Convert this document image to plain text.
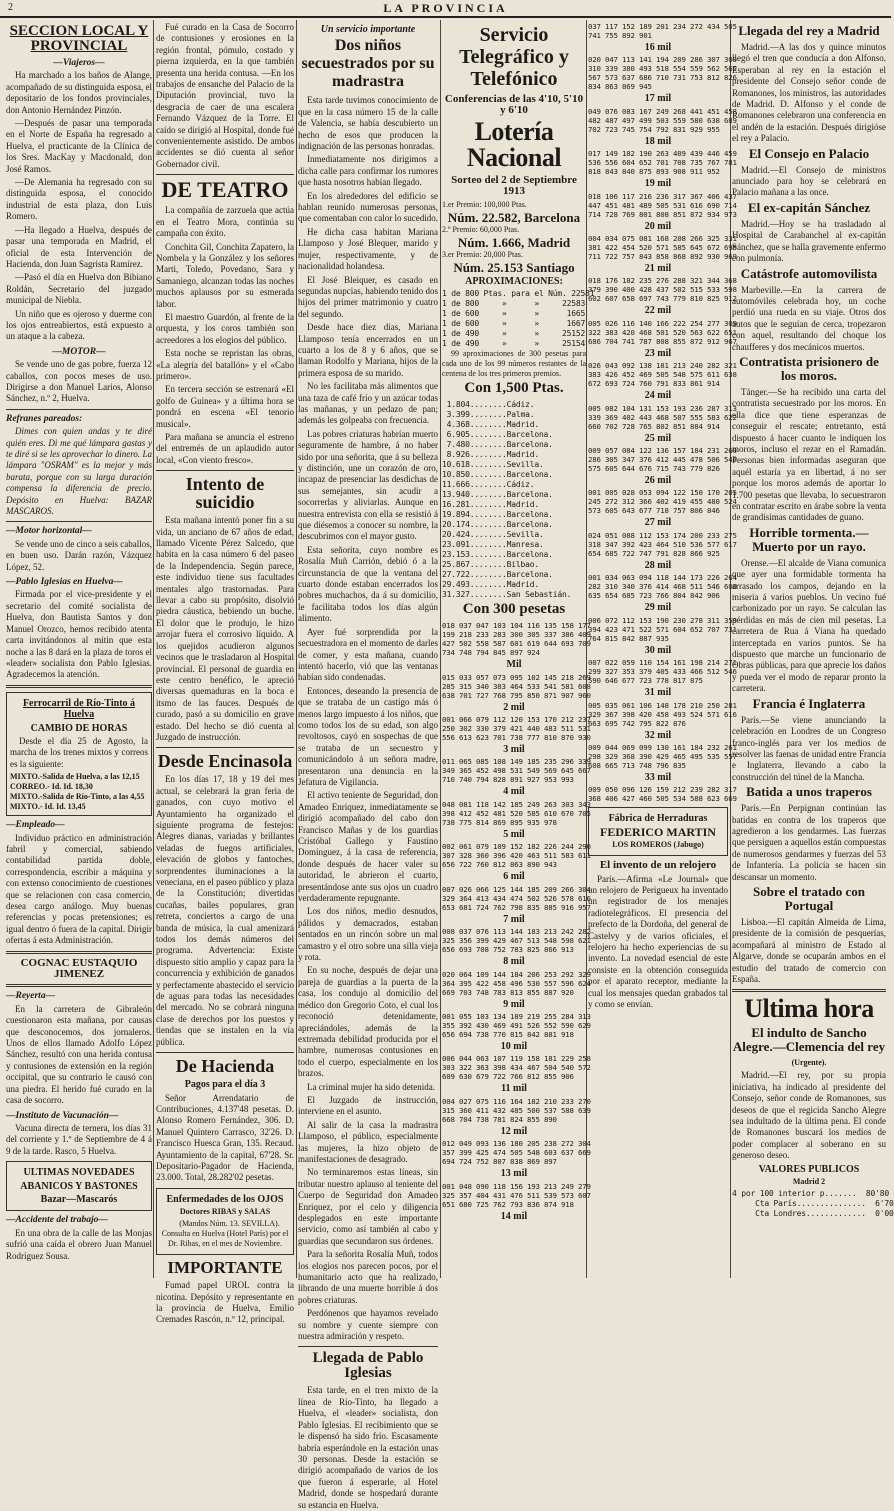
2	LA PROVINCIA
SECCION LOCAL Y PROVINCIAL
—Viajeros—

Ha marchado a los baños de Alange, acompañado de su distinguida esposa, el depositario de los fondos provinciales, don Antonio Hernández Pinzón.

—Después de pasar una temporada en el Norte de España ha regresado a Huelva, el practicante de la Clínica de los Sres. MacKay y Macdonald, don José Ramos.

—De Alemania ha regresado con su distinguida esposa, el conocido industrial de esta plaza, don Luis Romero.

—Ha llegado a Huelva, después de pasar una temporada en Madrid, el oficial de esta Intervención de Hacienda, don Juan Sagrista Ramírez.

—Pasó el día en Huelva don Bibiano Roldán, Secretario del juzgado municipal de Niebla.

Un niño que es ojeroso y duerme con los ojos entreabiertos, está expuesto a un ataque a la cabeza.

—MOTOR—

Se vende uno de gas pobre, fuerza 12 caballos, con pocos meses de uso. Dirigirse a don Manuel Larios, Alonso Sánchez, n.º 2, Huelva.

Refranes pareados:

Dimes con quien andas y te diré quién eres. Di me qué lámpara gastas y te diré si se les aprovechar lo dinero. La lámpara "OSRAM" es la mejor y más barata, porque con su larga duración compensa la diferencia de precio. Depósito en Huelva: BAZAR MASCAROS.

—Motor horizontal—

Se vende uno de cinco a seis caballos, en buen uso. Darán razón, Vázquez López, 52.

—Pablo Iglesias en Huelva—

Firmada por el vice-presidente y el secretario del comité socialista de Huelva, don Bautista Santos y don Manuel Orozco, hemos recibido atenta carta invitándonos al mitin que esta noche a las 8 dará en la plaza de toros el «leader» socialista don Pablo Iglesias. Agradecemos la atención.

Ferrocarril de Río-Tinto á Huelva
CAMBIO DE HORAS

Desde el día 25 de Agosto, la marcha de los trenes mixtos y correos es la siguiente:

MIXTO.-Salida de Huelva, a las 12,15
CORREO.- Id. Id. 18,30
MIXTO.-Salida de Río-Tinto, a las 4,55
MIXTO.- Id. Id. 13,45
—Empleado—

Individuo práctico en administración fabril y comercial, sabiendo contabilidad partida doble, correspondencia, escribir a máquina y con extenso conocimiento de cuestiones que se relacionen con casa comercio, desea cargo análogo. Muy buenas referencias y pocas pretensiones; es igual dentro ó fuera de la capital. Dirigir ofertas á esta Administración.

COGNAC EUSTAQUIO JIMENEZ
—Reyerta—

En la carretera de Gibraleón cuestionaron esta mañana, por causas que desconocemos, dos jornaleros. Unos de ellos llamado Adolfo López Sánchez, resultó con una herida contusa y contusiones de extensión en la región occipital, que su contrario le causó con una piedra. El herido fué curado en la casa de socorro.

—Instituto de Vacunación—

Vacuna directa de ternera, los días 31 del corriente y 1.º de Septiembre de 4 á 9 de la tarde. Rasco, 5 Huelva.

ULTIMAS NOVEDADES
ABANICOS Y BASTONES
Bazar—Mascarós
—Accidente del trabajo—

En una obra de la calle de las Monjas sufrió una caída el obrero Juan Manuel Rodríguez Sousa.

Fué curado en la Casa de Socorro de contusiones y erosiones en la región frontal, pómulo, costado y pierna izquierda, en la que también presenta una herida contusa. —En los trabajos de ensanche del Palacio de la Diputación provincial, tuvo la desgracia de caer de una escalera Fernando Vázquez de la Torre. El caído se dirigió al Hospital, donde fué convenientemente asistido. De ambos accidentes se dió cuenta al señor Gobernador civil.

DE TEATRO

La compañía de zarzuela que actúa en el Teatro Mora, continúa su campaña con éxito.

Conchita Gil, Conchita Zapatero, la Nombela y la González y los señores Marti, Toledo, Povedano, Sara y Samaniego, alcanzan todas las noches muchos aplausos por su esmerada labor.

El maestro Guardón, al frente de la orquesta, y los coros también son acreedores a los elogios del público.

Esta noche se repristan las obras, «La alegría del batallón» y el «Cabo primero».

En tercera sección se estrenará «El golfo de Guinea» y a última hora se pondrá en escena «El tenorio musical».

Para mañana se anuncia el estreno del entremés de un aplaudido autor local, «Con viento fresco».

Intento de suicidio

Esta mañana intentó poner fin a su vida, un anciano de 67 años de edad, llamado Vicente Pérez Salcedo, que habita en la casa número 6 del paseo de la Independencia. Según parece, este individuo tiene sus facultades mentales algo trastornadas. Para llevar a cabo su propósito, disolvió piedra cáustica, bebiendo un buche. El dolor que le produjo, le hizo arrojar fuera el corrosivo líquido. A los quejidos acudieron algunos vecinos que le trasladaron al Hospital provincial. El personal de guardia en este centro benéfico, le apreció diversas quemaduras en la boca e itsmo de las fauces. Después de curado, pasó a su domicilio en grave estado. Del hecho se dió cuenta al Juzgado de instrucción.

Desde Encinasola

En los días 17, 18 y 19 del mes actual, se celebrará la gran feria de ganados, con cuyo motivo el Ayuntamiento ha organizado el siguiente programa de festejos: Alegres dianas, variadas y brillantes veladas de fuegos artificiales, elevación de globos y fantoches, sorprendentes iluminaciones a la veneciana, en el paseo público y plaza de la Constitución; divertidas cucañas, bailes populares, gran retreta, conciertos a cargo de una banda de música, la cual amenizará todos los demás números del programa. Advertencia: Existe dispuesto sitio amplio y capaz para la concurrencia y exhibición de ganados y perfectamente abastecido el servicio de aguas para todas las necesidades del mercado. No se cobrará ninguna clase de derechos por los puestos y tiendas que se instalen en la vía pública.

De Hacienda
Pagos para el día 3

Señor Arrendatario de Contribuciones, 4.137'48 pesetas. D. Alonso Romero Fernández, 306. D. Manuel Quintero Carrasco, 32'26. D. Francisco Huesca Gran, 135. Recaud. Ayuntamiento de la capital, 67'28. Sr. Depositario-Pagador de Hacienda, 23.000. Total, 28.282'02 pesetas.

Enfermedades de los OJOS
Doctores RIBAS y SALAS

(Mandos Núm. 13. SEVILLA). Consulta en Huelva (Hotel París) por el Dr. Ribas, en el mes de Noviembre.

IMPORTANTE

Fumad papel UROL contra la nicotina. Depósito y representante en la provincia de Huelva, Emilio Cremades Rascón, n.º 12, principal.

Un servicio importante
Dos niños secuestrados por su madrastra

Esta tarde tuvimos conocimiento de que en la casa número 15 de la calle de Valencia, se había descubierto un hecho de esos que producen la indignación de las personas honradas.

Inmediatamente nos dirigimos a dicha calle para confirmar los rumores que hasta nosotros habían llegado.

En los alrededores del edificio se hablan reunido numerosas personas, que comentaban con calor lo sucedido.

He dicha casa habitan Mariana Llamposo y José Blequer, marido y mujer, respectivamente, y de nacionalidad holandesa.

El José Bleiquer, es casado en segundas nupcias, habiendo tenido dos hijos del primer matrimonio y cuatro del segundo.

Desde hace diez días, Mariana Llamposo tenía encerrados en un cuarto a los de 8 y 6 años, que se llaman Rodolfo y Mariana, hijos de la primera esposa de su marido.

No les facilitaba más alimentos que una taza de café frío y un azúcar todas las mañanas, y un pedazo de pan; además les golpeaba con frecuencia.

Las pobres criaturas habrían muerto seguramente de hambre, á no haber sido por una señorita, que á su belleza y distinción, une un corazón de oro, incapaz de presenciar las desdichas de sus semejantes, sin acudir a socorrerlas y aliviarlas. Aunque en nuestra entrevista con ella se resistió á que diésemos a conocer su nombre, la descubrimos con el mayor gusto.

Esta señorita, cuyo nombre es Rosalía Muñ Carrión, debió ó a la circunstancia de que la ventana del cuarto donde estaban encerrados los pobres muchachos, da á su domicilio, le facilitaba todos los días algún alimento.

Ayer fué sorprendida por la secuestradora en el momento de darles de comer, y esta mañana, cuando intentó hacerlo, vió que las ventanas habían sido condenadas.

Entonces, deseando la presencia de que se trataba de un castigo más ó menos largo impuesto á los niños, que como todos los de su edad, son algo revoltosos, cayó en sospechas de que se trataba de un secuestro y comunicándolo á un señora madre, presentaron una denuncia en la Jefatura de Vigilancia.

El activo teniente de Seguridad, don Amadeo Enriquez, inmediatamente se dirigió acompañado del cabo don Francisco Mañas y de los guardias Cristóbal Gallego y Faustino Domínguez, á la casa de referencia, donde después de hacer valer su autoridad, le abrieron el cuarto, presentándose ante sus ojos un cuadro verdaderamente repugnante.

Los dos niños, medio desnudos, pálidos y demacrados, estaban sentados en un rincón sobre un mal camastro y el otro sobre una silla vieja y rota.

En su noche, después de dejar una pareja de guardias a la puerta de la casa, los condujo al domicilio del médico don Gregorio Coto, el cual los reconoció detenidamente, apreciándoles, además de la extremada debilidad producida por el hambre, numerosas contusiones en todo el cuerpo, especialmente en los brazos.

La criminal mujer ha sido detenida.

El Juzgado de instrucción, interviene en el asunto.

Al salir de la casa la madrastra Llamposo, el público, especialmente las mujeres, la hizo objeto de manifestaciones de desagrado.

No terminaremos estas líneas, sin tributar nuestro aplauso al teniente del Cuerpo de Seguridad don Amadeo Enriquez, por el celo y diligencia desplegados en este importante servicio, como así también al cabo y guardias que secundaron sus órdenes.

Para la señorita Rosalía Muñ, todos los elogios nos parecen pocos, por el humanitario acto que ha realizado, librando de una muerte horrible á dos pobres criaturas.

Perdónenos que hayamos revelado su nombre y cuente siempre con nuestra admiración y respeto.

Llegada de Pablo Iglesias

Esta tarde, en el tren mixto de la línea de Río-Tinto, ha llegado a Huelva, el «leader» socialista, don Pablo Iglesias. El recibimiento que se le dispensó ha sido frío. Escasamente habría esperándole en la estación unas 30 personas. Desde la estación se dirigió acompañado de varios de los que fueron á esperarle, al Hotel Madrid, donde se hospedará durante su estancia en Huelva.

Servicio Telegráfico y Telefónico
Conferencias de las 4'10, 5'10 y 6'10
Lotería Nacional
Sorteo del 2 de Septiembre 1913
1.er Premio: 100,000 Ptas.
Núm. 22.582, Barcelona
2.º Premio: 60,000 Ptas.
Núm. 1.666, Madrid
3.er Premio: 20,000 Ptas.
Núm. 25.153 Santiago
APROXIMACIONES:
1 de 800 Ptas. para el Núm. 22581
1 de 800     »      »     22583
1 de 600     »      »      1665
1 de 600     »      »      1667
1 de 490     »      »     25152
1 de 490     »      »     25154

99 aproximaciones de 300 pesetas para cada uno de los 99 números restantes de la centena de los tres primeros premios.

Con 1,500 Ptas.
1.804........Cádiz.
3.399........Palma.
4.368........Madrid.
6.905........Barcelona.
7.480........Barcelona.
8.926........Madrid.
10.618........Sevilla.
10.850........Barcelona.
11.666........Cádiz.
13.940........Barcelona.
16.281........Madrid.
19.894........Barcelona.
20.174........Barcelona.
20.424........Sevilla.
23.091........Manresa.
23.153........Barcelona.
25.867........Bilbao.
27.722........Barcelona.
29.493........Madrid.
31.327........San Sebastián.
Con 300 pesetas
018 037 047 103 104 116 135 158 177
199 218 233 283 300 305 337 386 409
427 502 558 587 601 619 644 693 709
734 748 794 845 897 924
Mil
015 033 057 073 095 102 145 218 269
285 315 340 383 464 533 541 581 608
638 701 727 768 795 850 871 907 960
2 mil
001 066 079 112 120 153 170 212 237
250 302 330 379 421 440 483 511 531
556 613 623 701 738 777 810 870 930
3 mil
011 065 085 108 149 185 235 296 339
349 365 452 498 531 549 569 645 667
710 740 794 828 891 927 953 993
4 mil
048 081 118 142 185 249 263 303 343
398 412 452 481 520 585 610 670 705
738 775 814 869 895 935 978
5 mil
002 061 079 109 152 182 226 244 290
307 328 360 396 420 463 511 583 611
656 722 760 812 863 890 943
6 mil
007 026 066 125 144 185 209 266 304
329 364 413 434 474 502 526 578 616
653 681 724 762 798 835 885 916 957
7 mil
008 037 076 113 144 183 213 242 282
325 356 399 429 467 513 548 598 621
656 693 708 752 783 825 866 913
8 mil
020 064 109 144 184 206 253 292 329
364 395 422 458 496 530 557 596 624
669 703 748 783 813 855 887 920
9 mil
001 055 103 134 189 219 255 284 313
355 392 430 469 491 526 552 590 629
656 694 738 770 815 842 881 918
10 mil
006 044 063 107 119 158 181 229 258
303 322 363 398 434 467 504 540 572
609 630 679 722 766 812 855 906
11 mil
004 027 075 116 164 182 210 233 270
315 360 411 432 485 500 537 588 639
668 704 738 781 824 855 890
12 mil
012 049 093 136 180 205 238 272 304
357 399 425 474 505 548 603 637 669
694 724 752 807 838 869 897
13 mil
001 048 090 118 156 193 213 249 279
325 357 404 431 476 511 539 573 607
651 680 725 762 793 836 874 918
14 mil
037 117 152 189 201 234 272 434 505
741 755 892 901
16 mil
020 047 113 141 194 209 286 307 309
310 339 380 493 518 554 559 562 565
567 573 637 686 710 731 753 812 826
834 863 869 945
17 mil
049 076 083 167 249 268 441 451 458
482 487 497 499 503 559 580 638 689
702 723 745 754 792 831 929 955
18 mil
017 149 182 190 263 409 439 446 459
536 556 604 652 701 708 735 767 781
818 843 840 875 893 908 911 952
19 mil
018 106 117 216 236 317 367 406 437
447 451 481 489 505 531 616 690 714
714 728 769 801 808 851 872 934 973
20 mil
004 034 075 081 168 208 266 325 331
381 422 454 520 571 585 645 672 690
711 722 757 843 858 868 892 930 969
21 mil
018 176 182 235 276 288 321 344 368
379 390 400 428 437 502 515 533 598
602 607 658 697 743 779 810 825 912
22 mil
005 026 116 140 166 222 254 277 309
322 383 420 468 501 520 563 622 651
686 704 741 787 808 855 872 912 967
23 mil
026 043 092 138 181 213 240 282 321
383 426 452 469 505 548 575 611 638
672 693 724 760 791 833 861 914
24 mil
005 082 104 131 153 193 236 287 313
339 369 402 443 468 507 555 583 622
660 702 728 765 802 851 884 914
25 mil
009 057 084 122 136 157 184 231 269
286 305 347 376 412 445 478 506 546
575 605 644 676 715 743 779 826
26 mil
001 005 028 053 094 122 150 170 205
245 272 312 366 402 419 455 480 524
573 605 643 677 718 757 806 846
27 mil
024 051 088 112 153 174 200 233 275
318 347 392 423 464 510 536 577 617
654 685 722 747 791 828 866 925
28 mil
001 034 063 094 118 144 173 226 264
282 310 340 376 414 468 511 546 600
635 654 685 723 766 804 842 906
29 mil
006 072 112 153 190 230 278 311 359
394 423 471 522 571 604 652 707 731
764 815 842 887 935
30 mil
007 022 059 110 154 161 198 214 271
299 327 353 379 405 433 466 512 546
590 646 677 723 778 817 875
31 mil
005 035 061 106 148 178 210 250 281
329 367 398 420 458 493 524 571 616
663 695 742 795 822 876
32 mil
009 044 069 099 130 161 184 232 261
298 329 368 390 429 465 495 535 557
608 665 713 748 796 835
33 mil
009 050 096 126 159 212 239 282 317
368 406 427 460 505 534 588 623 669
Fábrica de Herraduras
FEDERICO MARTIN
LOS ROMEROS (Jabugo)
El invento de un relojero

París.—Afirma «Le Journal» que un relojero de Perigueux ha inventado un registrador de los menajes radiotelegráficos. El presencia del prefecto de la Dordoña, del general de Castelvy y de varios oficiales, el relojero ha hecho experiencias de su invento. La novedad esencial de este consiste en la obtención conseguida por el aparato receptor, mediante la cual los mensajes quedan grabados tal y como se envían.

Llegada del rey a Madrid

Madrid.—A las dos y quince minutos llegó el tren que conducía a don Alfonso. Esperaban al rey en la estación el presidente del Consejo señor conde de Romanones, los ministros, las autoridades de Madrid. D. Alfonso y el conde de Romanones celebraron una conferencia en el andén de la estación. Después dirigióse el rey a Palacio.

El Consejo en Palacio

Madrid.—El Consejo de ministros anunciado para hoy se celebrará en Palacio mañana a las once.

El ex-capitán Sánchez

Madrid.—Hoy se ha trasladado al Hospital de Carabanchel al ex-capitán Sánchez, que se halla gravemente enfermo con pulmonía.

Catástrofe automovilista

Marbeville.—En la carrera de automóviles celebrada hoy, un coche perdió una rueda en su viaje. Otros dos autos que le seguían de cerca, tropezaron con aquel, resultando del choque los chaufferes y dos mecánicos muertos.

Contratista prisionero de los moros.

Tánger.—Se ha recibido una carta del contratista secuestrado por los moros. En ella dice que tiene esperanzas de conseguir el rescate; entretanto, está dispuesto á hacer cuanto le indiquen los moros, incluso el rezar en el Ramadán. Personas bien informadas aseguran que aquél estaría ya en libertad, á no ser porque los moros además de aportar lo 1.700 pesetas que llevaba, lo secuestraron en contratar escrito en árabe sobre la venta de grandísimas cantidades de guano.

Horrible tormenta.—Muerto por un rayo.

Orense.—El alcalde de Viana comunica que ayer una formidable tormenta ha arrasado los campos, dejando en la miseria á varios pueblos. Un vecino fué carbonizado por un rayo. Se calculan las pérdidas en más de cien mil pesetas. La carretera de Rua á Viana ha quedado interceptada en varios puntos. Se ha dispuesto que marche un funcionario de Obras públicas, para que aprecie los daños y pueda ver el modo de reparar pronto la carretera.

Francia é Inglaterra

París.—Se viene anunciando la celebración en Londres de un Congreso franco-inglés para ver los medios de resolver las faenas de unidad entre Francia e Inglaterra, llevando a cabo la construcción del túnel de la Mancha.

Batida a unos traperos

París.—En Perpignan continúan las batidas en contra de los traperos que agredieron a los gendarmes. Las fuerzas que persiguen a aquellos están compuestas de numerosos gendarmes y fuerzas del 53 de Infantería. La policía se hacen sin descansar un momento.

Sobre el tratado con Portugal

Lisboa.—El capitán Almeida de Lima, presidente de la comisión de pesquerías, acompañará al ministro de Estado al Algarve, donde se ocuparán ambos en el estudio del tratado de comercio con España.

Ultima hora
El indulto de Sancho Alegre.—Clemencia del rey
(Urgente).

Madrid.—El rey, por su propia iniciativa, ha indicado al presidente del Consejo, señor conde de Romanones, sus deseos de que el regicida Sancho Alegre sea indultado de la última pena. El conde de Romanones buscará los medios de poder complacer al soberano en su generoso deseo.

VALORES PUBLICOS
Madrid 2
4 por 100 interior p.......  80'80
Cta París...............  6'70
Cta Londres.............  0'00
